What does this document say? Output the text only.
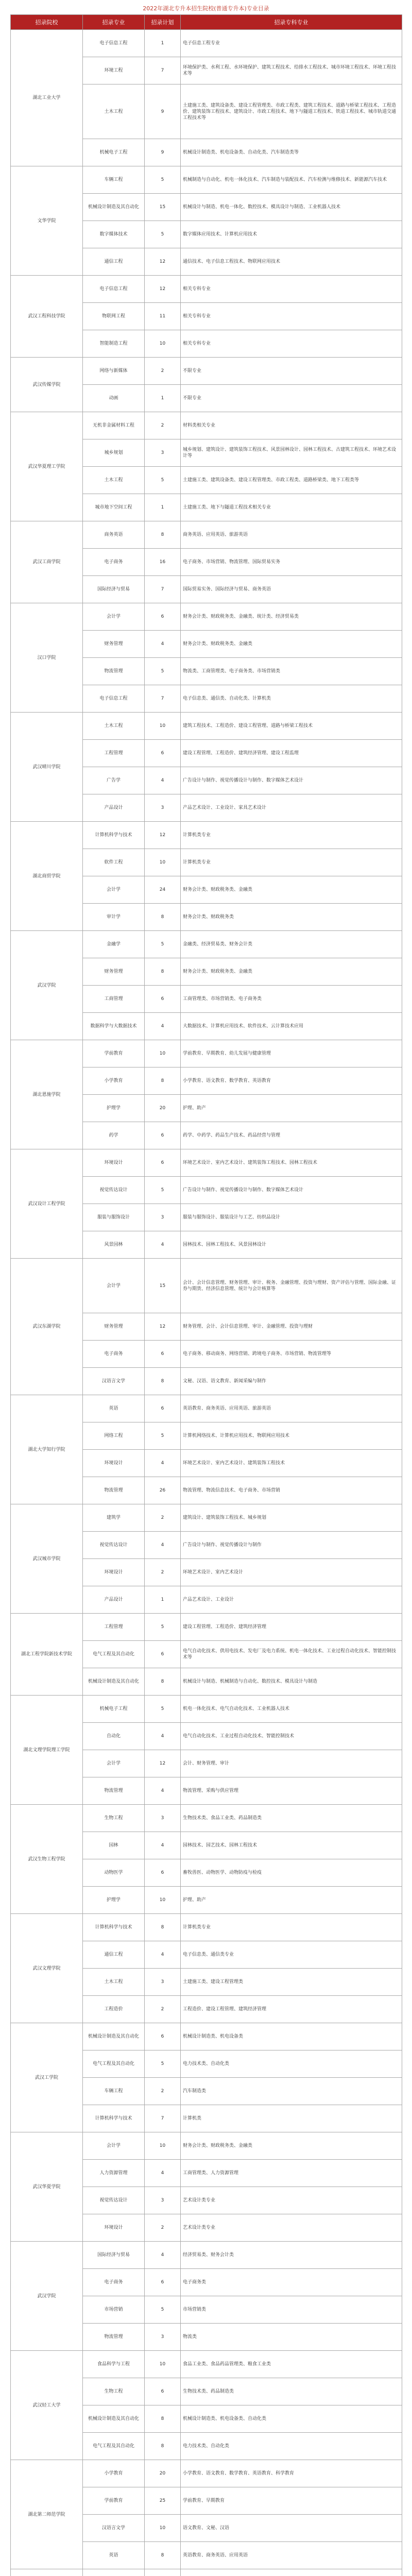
2022年湖北专升本招生院校(普通专升本)专业目录
招录院校	招录专业	招录计划	招录专科专业
湖北工业大学	电子信息工程	1	电子信息工程专业
	环境工程	7	环境保护类、水利工程、水环境保护、建筑工程技术、给排水工程技术、城市环境工程技术、环境工程技术等
	土木工程	9	土建施工类、建筑设备类、建设工程管理类、市政工程类、建筑工程技术、道路与桥梁工程技术、工程造价、建筑装饰工程技术、建筑设计、市政工程技术、地下与隧道工程技术、铁道工程技术、城市轨道交通工程技术等
	机械电子工程	9	机械设计制造类、机电设备类、自动化类、汽车制造类等
文华学院	车辆工程	5	机械制造与自动化、机电一体化技术、汽车制造与装配技术、汽车检测与维修技术、新能源汽车技术
	机械设计制造及其自动化	15	机械设计与制造、机电一体化、数控技术、模具设计与制造、工业机器人技术
	数字媒体技术	5	数字媒体应用技术、计算机应用技术
	通信工程	12	通信技术、电子信息工程技术、物联网应用技术
武汉工程科技学院	电子信息工程	12	相关专科专业
	物联网工程	11	相关专科专业
	智能制造工程	10	相关专科专业
武汉传媒学院	网络与新媒体	2	不限专业
	动画	1	不限专业
武汉华夏理工学院	无机非金属材料工程	2	材料类相关专业
	城乡规划	3	城乡规划、建筑设计、建筑装饰工程技术、风景园林设计、园林工程技术、古建筑工程技术、环境艺术设计等
	土木工程	5	土建施工类、建筑设备类、建设工程管理类、市政工程类、道路桥梁类、地下工程类等
	城市地下空间工程	1	土建施工类、地下与隧道工程技术相关专业
武汉工商学院	商务英语	8	商务英语、应用英语、旅游英语
	电子商务	16	电子商务、市场营销、物流管理、国际贸易实务
	国际经济与贸易	7	国际贸易实务、国际经济与贸易、商务英语
汉口学院	会计学	6	财务会计类、财政税务类、金融类、统计类、经济贸易类
	财务管理	4	财务会计类、财政税务类、金融类
	物流管理	5	物流类、工商管理类、电子商务类、市场营销类
	电子信息工程	7	电子信息类、通信类、自动化类、计算机类
武汉晴川学院	土木工程	10	建筑工程技术、工程造价、建设工程管理、道路与桥梁工程技术
	工程管理	6	建设工程管理、工程造价、建筑经济管理、建设工程监理
	广告学	4	广告设计与制作、视觉传播设计与制作、数字媒体艺术设计
	产品设计	3	产品艺术设计、工业设计、家具艺术设计
湖北商贸学院	计算机科学与技术	12	计算机类专业
	软件工程	10	计算机类专业
	会计学	24	财务会计类、财政税务类、金融类
	审计学	8	财务会计类、财政税务类
武汉学院	金融学	5	金融类、经济贸易类、财务会计类
	财务管理	8	财务会计类、财政税务类、金融类
	工商管理	6	工商管理类、市场营销类、电子商务类
	数据科学与大数据技术	4	大数据技术、计算机应用技术、软件技术、云计算技术应用
湖北恩施学院	学前教育	10	学前教育、早期教育、幼儿发展与健康管理
	小学教育	8	小学教育、语文教育、数学教育、英语教育
	护理学	20	护理、助产
	药学	6	药学、中药学、药品生产技术、药品经营与管理
武汉设计工程学院	环境设计	6	环境艺术设计、室内艺术设计、建筑装饰工程技术、园林工程技术
	视觉传达设计	5	广告设计与制作、视觉传播设计与制作、数字媒体艺术设计
	服装与服饰设计	3	服装与服饰设计、服装设计与工艺、纺织品设计
	风景园林	4	园林技术、园林工程技术、风景园林设计
武汉东湖学院	会计学	15	会计、会计信息管理、财务管理、审计、税务、金融管理、投资与理财、资产评估与管理、国际金融、证券与期货、经济信息管理、统计与会计核算等
	财务管理	12	财务管理、会计、会计信息管理、审计、金融管理、投资与理财
	电子商务	6	电子商务、移动商务、网络营销、跨境电子商务、市场营销、物流管理等
	汉语言文学	8	文秘、汉语、语文教育、新闻采编与制作
湖北大学知行学院	英语	6	英语教育、商务英语、应用英语、旅游英语
	网络工程	5	计算机网络技术、计算机应用技术、物联网应用技术
	环境设计	4	环境艺术设计、室内艺术设计、建筑装饰工程技术
	物流管理	26	物流管理、物流信息技术、电子商务、市场营销
武汉城市学院	建筑学	2	建筑设计、建筑装饰工程技术、城乡规划
	视觉传达设计	4	广告设计与制作、视觉传播设计与制作
	环境设计	2	环境艺术设计、室内艺术设计
	产品设计	1	产品艺术设计、工业设计
湖北工程学院新技术学院	工程管理	5	建设工程管理、工程造价、建筑经济管理
	电气工程及其自动化	6	电气自动化技术、供用电技术、发电厂及电力系统、机电一体化技术、工业过程自动化技术、智能控制技术等
	机械设计制造及其自动化	8	机械设计与制造、机械制造与自动化、数控技术、模具设计与制造
湖北文理学院理工学院	机械电子工程	5	机电一体化技术、电气自动化技术、工业机器人技术
	自动化	4	电气自动化技术、工业过程自动化技术、智能控制技术
	会计学	12	会计、财务管理、审计
	物流管理	4	物流管理、采购与供应管理
武汉生物工程学院	生物工程	3	生物技术类、食品工业类、药品制造类
	园林	4	园林技术、园艺技术、园林工程技术
	动物医学	6	畜牧兽医、动物医学、动物防疫与检疫
	护理学	10	护理、助产
武汉文理学院	计算机科学与技术	8	计算机类专业
	通信工程	4	电子信息类、通信类专业
	土木工程	3	土建施工类、建设工程管理类
	工程造价	2	工程造价、建设工程管理、建筑经济管理
武汉工学院	机械设计制造及其自动化	6	机械设计制造类、机电设备类
	电气工程及其自动化	5	电力技术类、自动化类
	车辆工程	2	汽车制造类
	计算机科学与技术	7	计算机类
武汉华夏学院	会计学	10	财务会计类、财政税务类、金融类
	人力资源管理	4	工商管理类、人力资源管理
	视觉传达设计	3	艺术设计类专业
	环境设计	2	艺术设计类专业
武汉学院	国际经济与贸易	4	经济贸易类、财务会计类
	电子商务	6	电子商务类
	市场营销	5	市场营销类
	物流管理	3	物流类
武汉轻工大学	食品科学与工程	10	食品工业类、食品药品管理类、粮食工业类
	生物工程	6	生物技术类、药品制造类
	机械设计制造及其自动化	8	机械设计制造类、机电设备类、自动化类
	电气工程及其自动化	8	电力技术类、自动化类
湖北第二师范学院	小学教育	20	小学教育、语文教育、数学教育、英语教育、科学教育
	学前教育	25	学前教育、早期教育
	汉语言文学	10	语文教育、文秘、汉语
	英语	8	英语教育、商务英语、应用英语
